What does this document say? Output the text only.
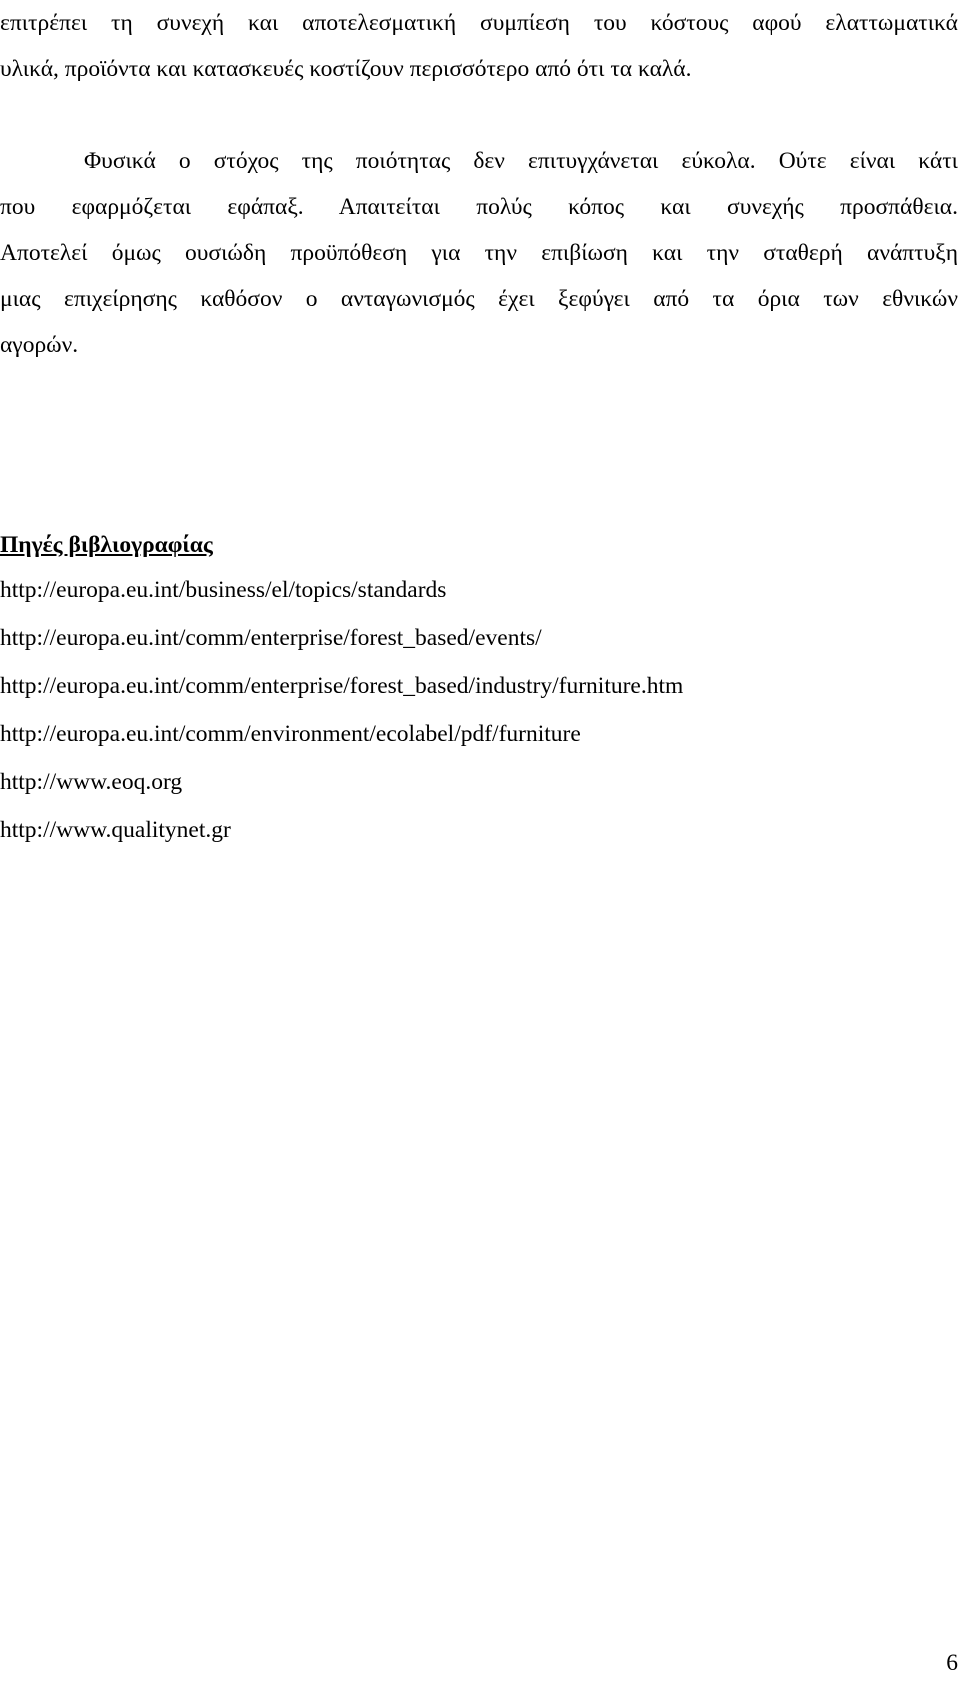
επιτρέπει τη συνεχή και αποτελεσματική συμπίεση του κόστους αφού ελαττωματικά
υλικά, προϊόντα και κατασκευές κοστίζουν περισσότερο από ότι τα καλά.

Φυσικά ο στόχος της ποιότητας δεν επιτυγχάνεται εύκολα. Ούτε είναι κάτι
που εφαρμόζεται εφάπαξ. Απαιτείται πολύς κόπος και συνεχής προσπάθεια.
Αποτελεί όμως ουσιώδη προϋπόθεση για την επιβίωση και την σταθερή ανάπτυξη
μιας επιχείρησης καθόσον ο ανταγωνισμός έχει ξεφύγει από τα όρια των εθνικών
αγορών.

Πηγές βιβλιογραφίας
http://europa.eu.int/business/el/topics/standards
http://europa.eu.int/comm/enterprise/forest_based/events/
http://europa.eu.int/comm/enterprise/forest_based/industry/furniture.htm
http://europa.eu.int/comm/environment/ecolabel/pdf/furniture
http://www.eoq.org
http://www.qualitynet.gr
6
